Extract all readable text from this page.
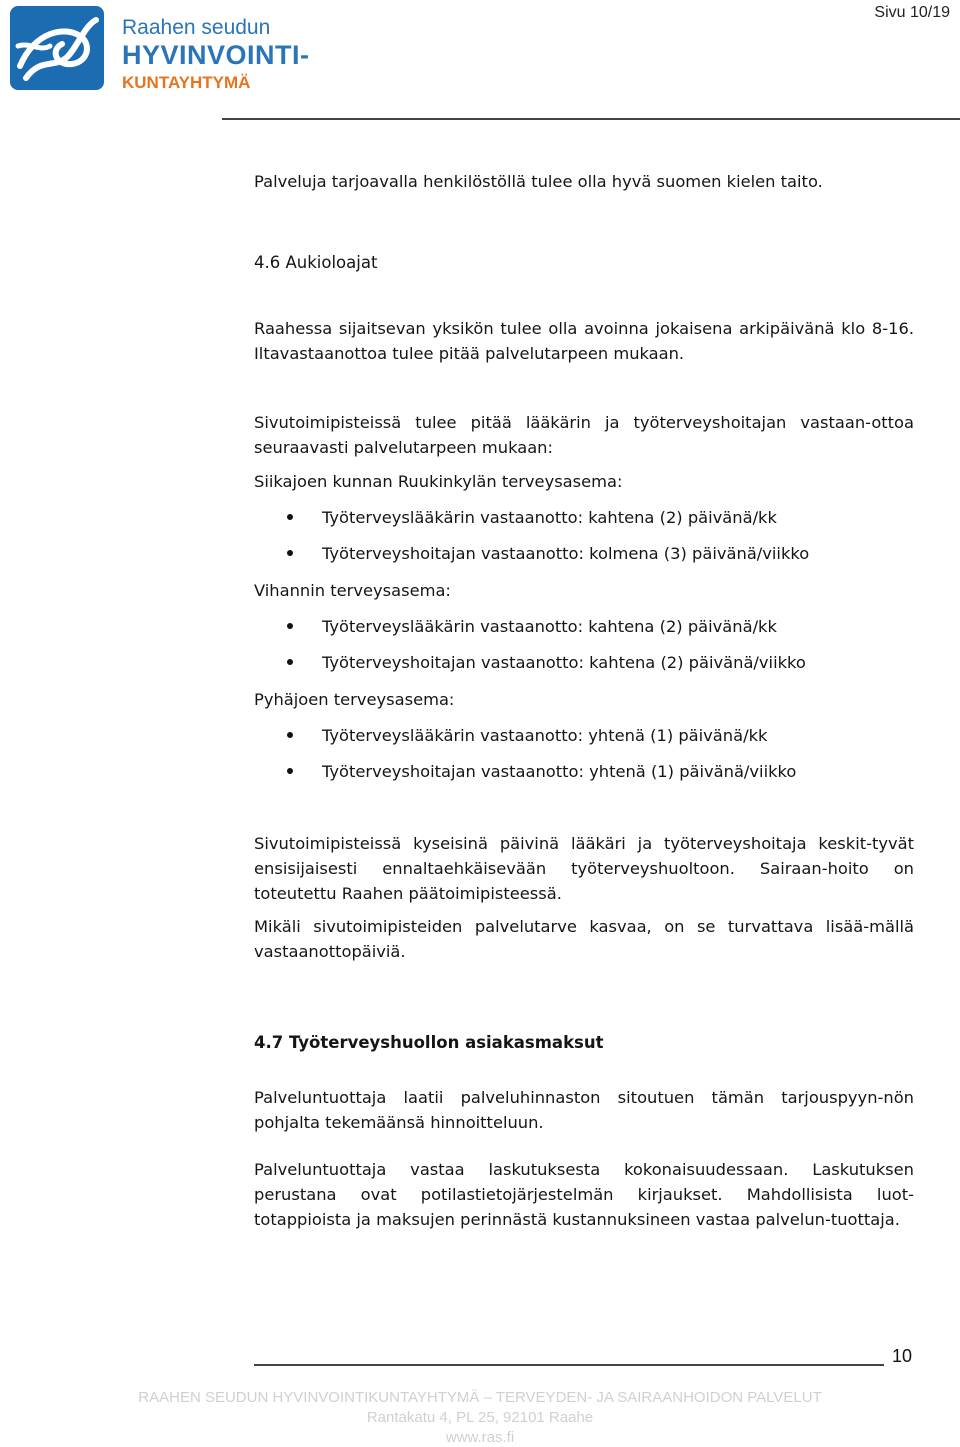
Raahen seudun
HYVINVOINTI-
KUNTAYHTYMÄ
Sivu 10/19
Palveluja tarjoavalla henkilöstöllä tulee olla hyvä suomen kielen taito.
4.6 Aukioloajat
Raahessa sijaitsevan yksikön tulee olla avoinna jokaisena arkipäivänä klo 8-16. Iltavastaanottoa tulee pitää palvelutarpeen mukaan.
Sivutoimipisteissä tulee pitää lääkärin ja työterveyshoitajan vastaan-ottoa seuraavasti palvelutarpeen mukaan:
Siikajoen kunnan Ruukinkylän terveysasema:
Työterveyslääkärin vastaanotto: kahtena (2) päivänä/kk
Työterveyshoitajan vastaanotto: kolmena (3) päivänä/viikko
Vihannin terveysasema:
Työterveyslääkärin vastaanotto: kahtena (2) päivänä/kk
Työterveyshoitajan vastaanotto: kahtena (2) päivänä/viikko
Pyhäjoen terveysasema:
Työterveyslääkärin vastaanotto: yhtenä (1) päivänä/kk
Työterveyshoitajan vastaanotto: yhtenä (1) päivänä/viikko
Sivutoimipisteissä kyseisinä päivinä lääkäri ja työterveyshoitaja keskit-tyvät ensisijaisesti ennaltaehkäisevään työterveyshuoltoon. Sairaan-hoito on toteutettu Raahen päätoimipisteessä.
Mikäli sivutoimipisteiden palvelutarve kasvaa, on se turvattava lisää-mällä vastaanottopäiviä.
4.7 Työterveyshuollon asiakasmaksut
Palveluntuottaja laatii palveluhinnaston sitoutuen tämän tarjouspyyn-nön pohjalta tekemäänsä hinnoitteluun.
Palveluntuottaja vastaa laskutuksesta kokonaisuudessaan. Laskutuksen perustana ovat potilastietojärjestelmän kirjaukset. Mahdollisista luot-totappioista ja maksujen perinnästä kustannuksineen vastaa palvelun-tuottaja.
10
RAAHEN SEUDUN HYVINVOINTIKUNTAYHTYMÄ – TERVEYDEN- JA SAIRAANHOIDON PALVELUT
Rantakatu 4, PL 25, 92101 Raahe
www.ras.fi
